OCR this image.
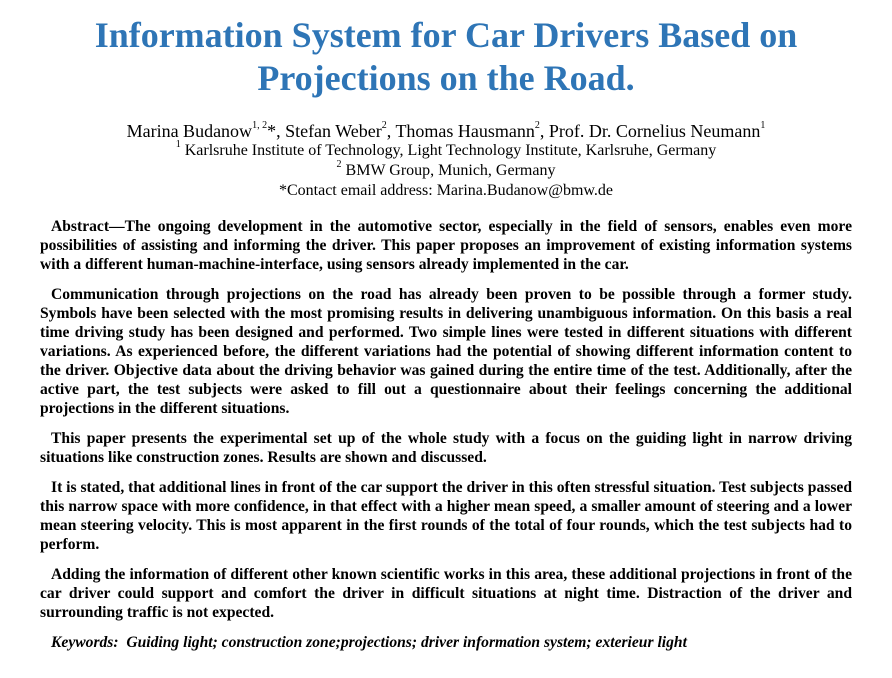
Information System for Car Drivers Based on Projections on the Road.
Marina Budanow$^{1, 2}$*, Stefan Weber$^2$, Thomas Hausmann$^2$, Prof. Dr. Cornelius Neumann$^1$
$^1$ Karlsruhe Institute of Technology, Light Technology Institute, Karlsruhe, Germany
$^2$ BMW Group, Munich, Germany
*Contact email address: Marina.Budanow@bmw.de

Abstract—The ongoing development in the automotive sector, especially in the field of sensors, enables even more possibilities of assisting and informing the driver. This paper proposes an improvement of existing information systems with a different human-machine-interface, using sensors already implemented in the car.

Communication through projections on the road has already been proven to be possible through a former study. Symbols have been selected with the most promising results in delivering unambiguous information. On this basis a real time driving study has been designed and performed. Two simple lines were tested in different situations with different variations. As experienced before, the different variations had the potential of showing different information content to the driver. Objective data about the driving behavior was gained during the entire time of the test. Additionally, after the active part, the test subjects were asked to fill out a questionnaire about their feelings concerning the additional projections in the different situations.

This paper presents the experimental set up of the whole study with a focus on the guiding light in narrow driving situations like construction zones. Results are shown and discussed.

It is stated, that additional lines in front of the car support the driver in this often stressful situation. Test subjects passed this narrow space with more confidence, in that effect with a higher mean speed, a smaller amount of steering and a lower mean steering velocity. This is most apparent in the first rounds of the total of four rounds, which the test subjects had to perform.

Adding the information of different other known scientific works in this area, these additional projections in front of the car driver could support and comfort the driver in difficult situations at night time. Distraction of the driver and surrounding traffic is not expected.

Keywords:  Guiding light; construction zone;projections; driver information system; exterieur light
